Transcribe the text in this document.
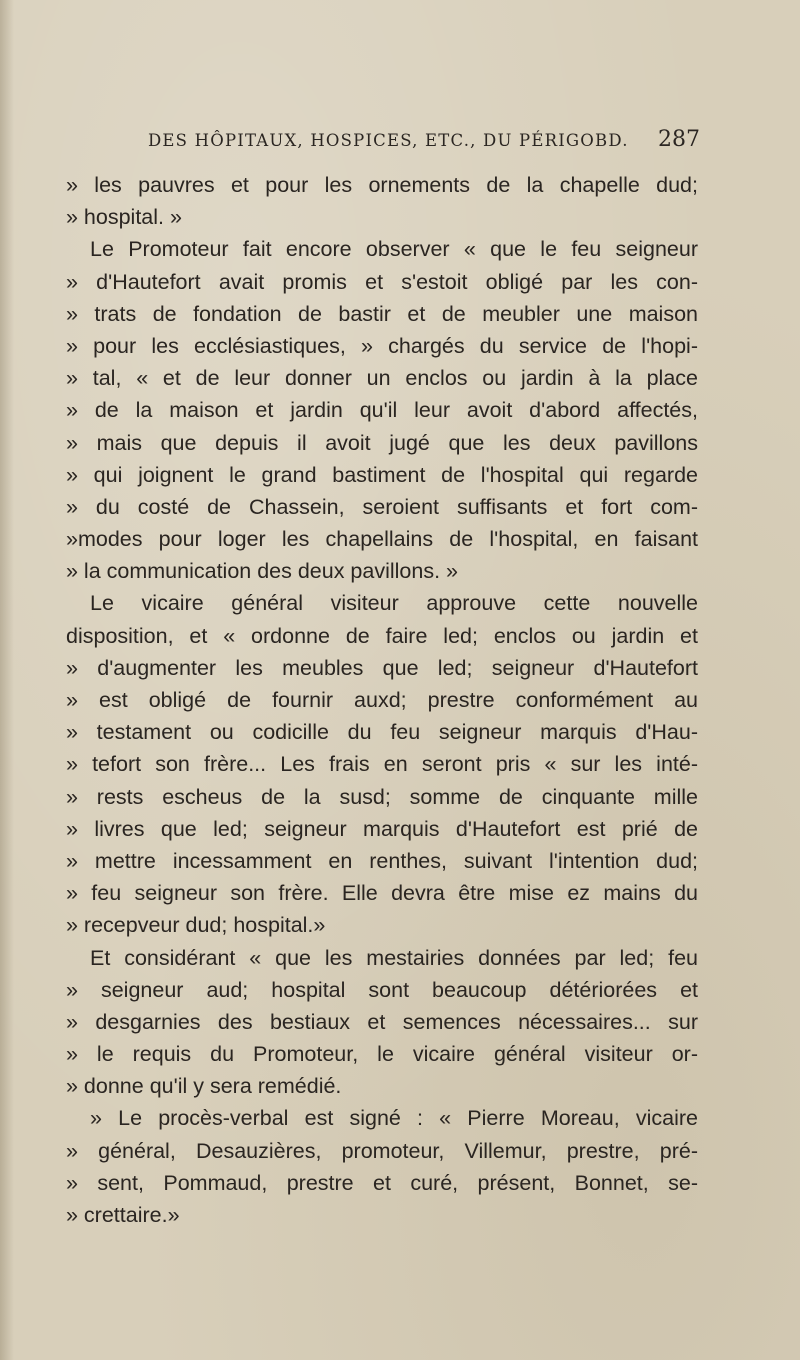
DES HÔPITAUX, HOSPICES, ETC., DU PÉRIGOBD. 287
» les pauvres et pour les ornements de la chapelle dud;
» hospital. »
Le Promoteur fait encore observer « que le feu seigneur
» d'Hautefort avait promis et s'estoit obligé par les con-
» trats de fondation de bastir et de meubler une maison
» pour les ecclésiastiques, » chargés du service de l'hopi-
» tal, « et de leur donner un enclos ou jardin à la place
» de la maison et jardin qu'il leur avoit d'abord affectés,
» mais que depuis il avoit jugé que les deux pavillons
» qui joignent le grand bastiment de l'hospital qui regarde
» du costé de Chassein, seroient suffisants et fort com-
»modes pour loger les chapellains de l'hospital, en faisant
» la communication des deux pavillons. »
Le vicaire général visiteur approuve cette nouvelle
disposition, et « ordonne de faire led; enclos ou jardin et
» d'augmenter les meubles que led; seigneur d'Hautefort
» est obligé de fournir auxd; prestre conformément au
» testament ou codicille du feu seigneur marquis d'Hau-
» tefort son frère... Les frais en seront pris « sur les inté-
» rests escheus de la susd; somme de cinquante mille
» livres que led; seigneur marquis d'Hautefort est prié de
» mettre incessamment en renthes, suivant l'intention dud;
» feu seigneur son frère. Elle devra être mise ez mains du
» recepveur dud; hospital.»
Et considérant « que les mestairies données par led; feu
» seigneur aud; hospital sont beaucoup détériorées et
» desgarnies des bestiaux et semences nécessaires... sur
» le requis du Promoteur, le vicaire général visiteur or-
» donne qu'il y sera remédié.
» Le procès-verbal est signé : « Pierre Moreau, vicaire
» général, Desauzières, promoteur, Villemur, prestre, pré-
» sent, Pommaud, prestre et curé, présent, Bonnet, se-
» crettaire.»
